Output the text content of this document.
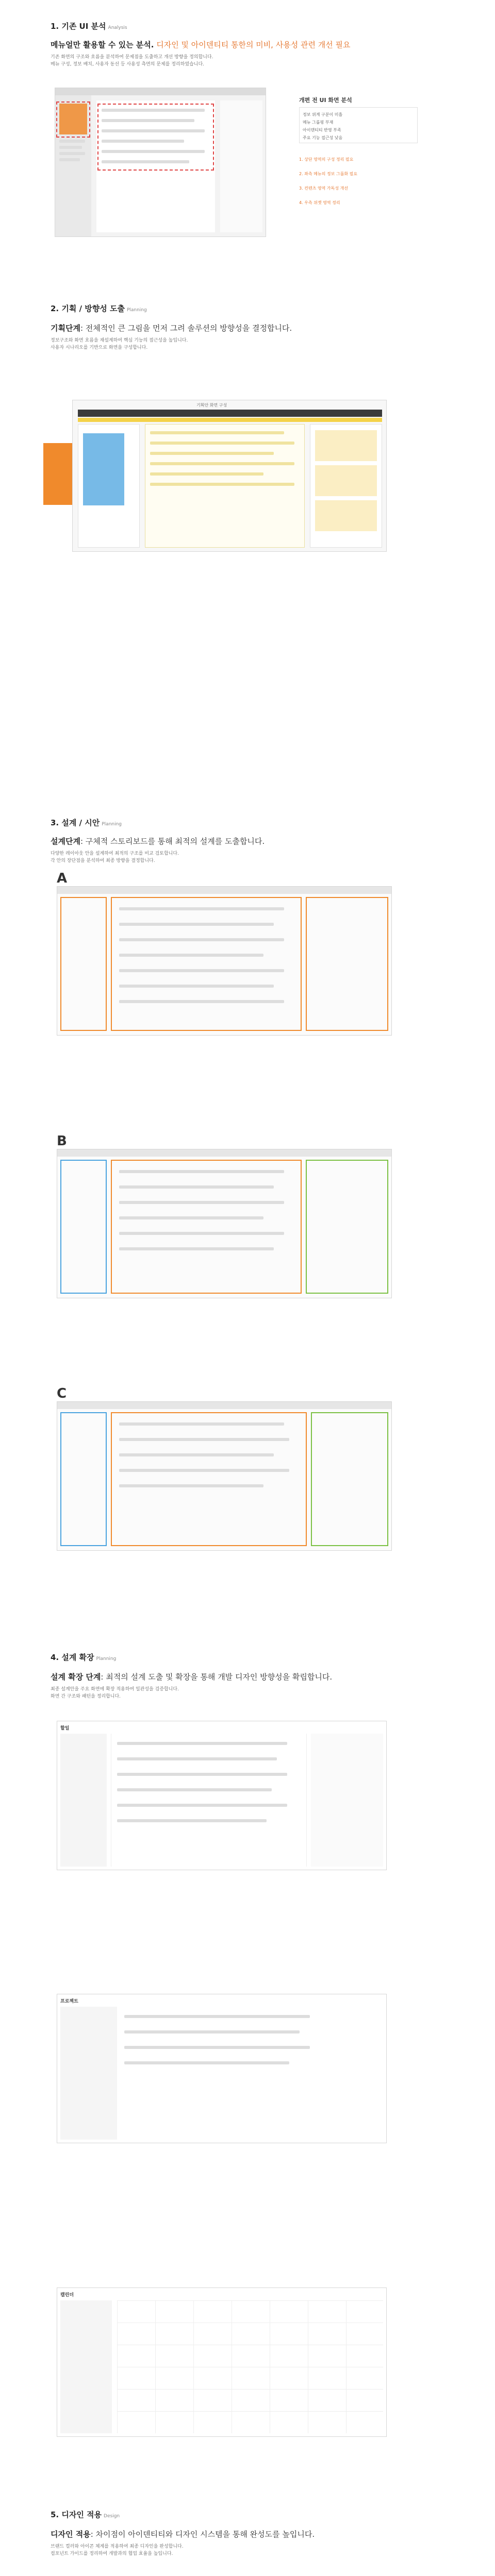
1. 기존 UI 분석 Analysis
메뉴얼만 활용할 수 있는 분석. 디자인 및 아이덴티티 통한의 미비, 사용성 관련 개선 필요
기존 화면의 구조와 흐름을 분석하여 문제점을 도출하고 개선 방향을 정의합니다.
메뉴 구성, 정보 배치, 사용자 동선 등 사용성 측면의 문제를 정리하였습니다.
개편 전 UI 화면 분석
정보 위계 구분이 미흡
메뉴 그룹핑 부재
아이덴티티 반영 부족
주요 기능 접근성 낮음
1. 상단 영역의 구성 정리 필요
2. 좌측 메뉴의 정보 그룹화 필요
3. 컨텐츠 영역 가독성 개선
4. 우측 위젯 영역 정리
2. 기획 / 방향성 도출 Planning
기획단계: 전체적인 큰 그림을 먼저 그려 솔루션의 방향성을 결정합니다.
정보구조와 화면 흐름을 재설계하여 핵심 기능의 접근성을 높입니다.
사용자 시나리오를 기반으로 화면을 구성합니다.
기획안 화면 구성
3. 설계 / 시안 Planning
설계단계: 구체적 스토리보드를 통해 최적의 설계를 도출합니다.
다양한 레이아웃 안을 설계하여 최적의 구조를 비교 검토합니다.
각 안의 장단점을 분석하여 최종 방향을 결정합니다.
A
B
C
4. 설계 확장 Planning
설계 확장 단계: 최적의 설계 도출 및 확장을 통해 개발 디자인 방향성을 확립합니다.
최종 설계안을 주요 화면에 확장 적용하여 일관성을 검증합니다.
화면 간 구조와 패턴을 정리합니다.
할일
프로젝트
캘린더
5. 디자인 적용 Design
디자인 적용: 차이점이 아이덴티티와 디자인 시스템을 통해 완성도를 높입니다.
브랜드 컬러와 아이콘 체계를 적용하여 최종 디자인을 완성합니다.
컴포넌트 가이드를 정리하여 개발과의 협업 효율을 높입니다.
